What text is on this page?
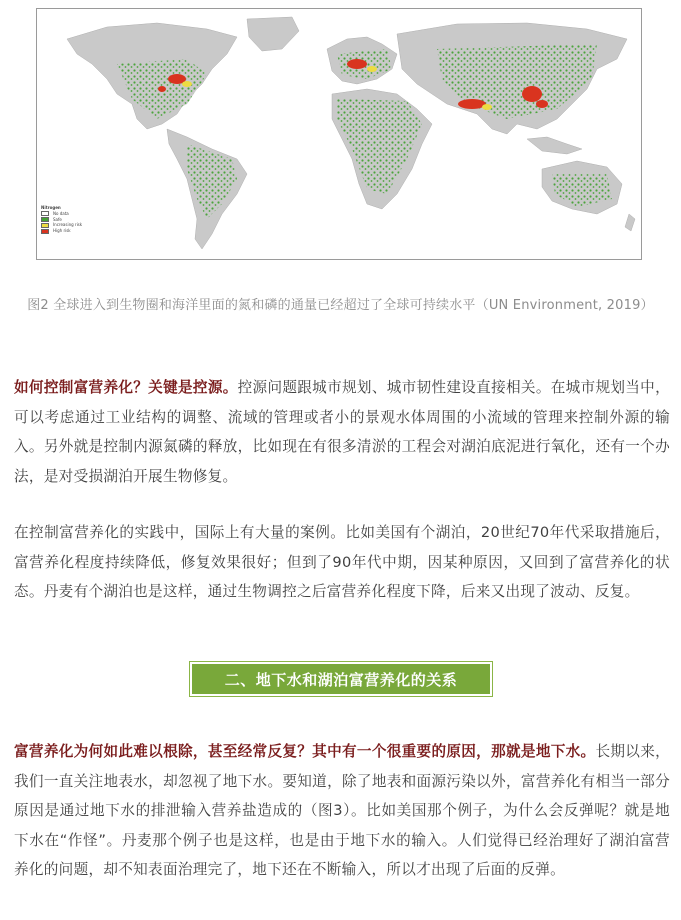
Nitrogen
No data
Safe
Increasing risk
High risk
图2 全球进入到生物圈和海洋里面的氮和磷的通量已经超过了全球可持续水平（UN Environment, 2019）

如何控制富营养化？关键是控源。控源问题跟城市规划、城市韧性建设直接相关。在城市规划当中，可以考虑通过工业结构的调整、流域的管理或者小的景观水体周围的小流域的管理来控制外源的输入。另外就是控制内源氮磷的释放，比如现在有很多清淤的工程会对湖泊底泥进行氧化，还有一个办法，是对受损湖泊开展生物修复。

在控制富营养化的实践中，国际上有大量的案例。比如美国有个湖泊，20世纪70年代采取措施后，富营养化程度持续降低，修复效果很好；但到了90年代中期，因某种原因，又回到了富营养化的状态。丹麦有个湖泊也是这样，通过生物调控之后富营养化程度下降，后来又出现了波动、反复。

二、地下水和湖泊富营养化的关系

富营养化为何如此难以根除，甚至经常反复？其中有一个很重要的原因，那就是地下水。长期以来，我们一直关注地表水，却忽视了地下水。要知道，除了地表和面源污染以外，富营养化有相当一部分原因是通过地下水的排泄输入营养盐造成的（图3）。比如美国那个例子，为什么会反弹呢？就是地下水在“作怪”。丹麦那个例子也是这样，也是由于地下水的输入。人们觉得已经治理好了湖泊富营养化的问题，却不知表面治理完了，地下还在不断输入，所以才出现了后面的反弹。
